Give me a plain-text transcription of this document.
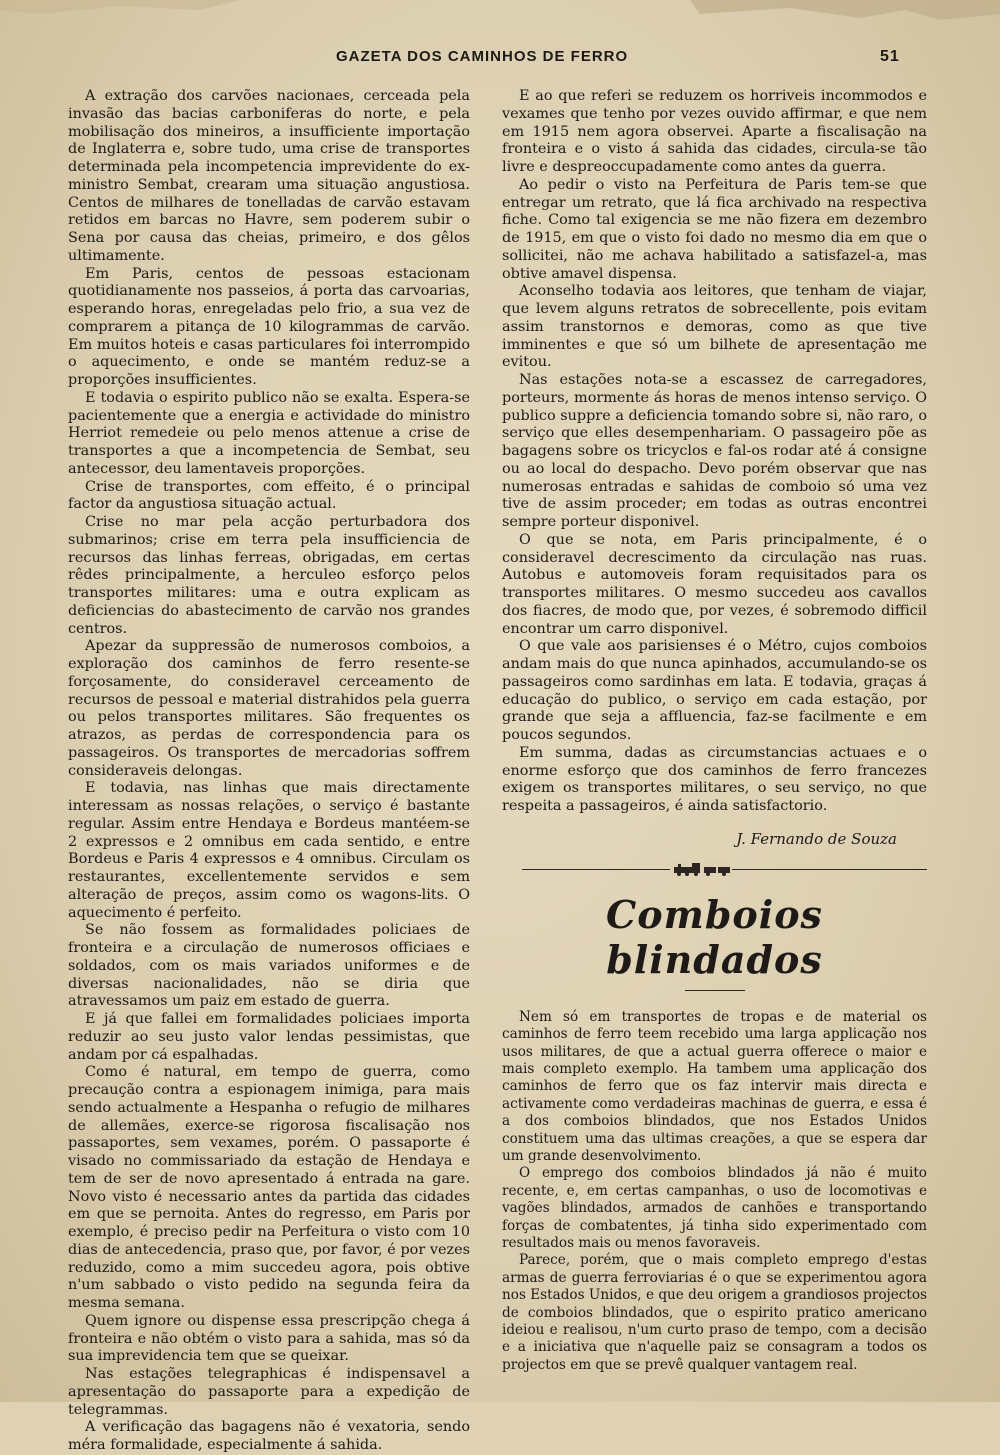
GAZETA DOS CAMINHOS DE FERRO	51

A extração dos carvões nacionaes, cerceada pela invasão das bacias carboniferas do norte, e pela mobilisação dos mineiros, a insufficiente importação de Inglaterra e, sobre tudo, uma crise de transportes determinada pela incompetencia imprevidente do ex-ministro Sembat, crearam uma situação angustiosa. Centos de milhares de tonelladas de carvão estavam retidos em barcas no Havre, sem poderem subir o Sena por causa das cheias, primeiro, e dos gêlos ultimamente.

Em Paris, centos de pessoas estacionam quotidianamente nos passeios, á porta das carvoarias, esperando horas, enregeladas pelo frio, a sua vez de comprarem a pitança de 10 kilogrammas de carvão. Em muitos hoteis e casas particulares foi interrompido o aquecimento, e onde se mantém reduz-se a proporções insufficientes.

E todavia o espirito publico não se exalta. Espera-se pacientemente que a energia e actividade do ministro Herriot remedeie ou pelo menos attenue a crise de transportes a que a incompetencia de Sembat, seu antecessor, deu lamentaveis proporções.

Crise de transportes, com effeito, é o principal factor da angustiosa situação actual.

Crise no mar pela acção perturbadora dos submarinos; crise em terra pela insufficiencia de recursos das linhas ferreas, obrigadas, em certas rêdes principalmente, a herculeo esforço pelos transportes militares: uma e outra explicam as deficiencias do abastecimento de carvão nos grandes centros.

Apezar da suppressão de numerosos comboios, a exploração dos caminhos de ferro resente-se forçosamente, do consideravel cerceamento de recursos de pessoal e material distrahidos pela guerra ou pelos transportes militares. São frequentes os atrazos, as perdas de correspondencia para os passageiros. Os transportes de mercadorias soffrem consideraveis delongas.

E todavia, nas linhas que mais directamente interessam as nossas relações, o serviço é bastante regular. Assim entre Hendaya e Bordeus mantéem-se 2 expressos e 2 omnibus em cada sentido, e entre Bordeus e Paris 4 expressos e 4 omnibus. Circulam os restaurantes, excellentemente servidos e sem alteração de preços, assim como os wagons-lits. O aquecimento é perfeito.

Se não fossem as formalidades policiaes de fronteira e a circulação de numerosos officiaes e soldados, com os mais variados uniformes e de diversas nacionalidades, não se diria que atravessamos um paiz em estado de guerra.

E já que fallei em formalidades policiaes importa reduzir ao seu justo valor lendas pessimistas, que andam por cá espalhadas.

Como é natural, em tempo de guerra, como precaução contra a espionagem inimiga, para mais sendo actualmente a Hespanha o refugio de milhares de allemães, exerce-se rigorosa fiscalisação nos passaportes, sem vexames, porém. O passaporte é visado no commissariado da estação de Hendaya e tem de ser de novo apresentado á entrada na gare. Novo visto é necessario antes da partida das cidades em que se pernoita. Antes do regresso, em Paris por exemplo, é preciso pedir na Perfeitura o visto com 10 dias de antecedencia, praso que, por favor, é por vezes reduzido, como a mim succedeu agora, pois obtive n'um sabbado o visto pedido na segunda feira da mesma semana.

Quem ignore ou dispense essa prescripção chega á fronteira e não obtém o visto para a sahida, mas só da sua imprevidencia tem que se queixar.

Nas estações telegraphicas é indispensavel a apresentação do passaporte para a expedição de telegrammas.

A verificação das bagagens não é vexatoria, sendo méra formalidade, especialmente á sahida.

E ao que referi se reduzem os horriveis incommodos e vexames que tenho por vezes ouvido affirmar, e que nem em 1915 nem agora observei. Aparte a fiscalisação na fronteira e o visto á sahida das cidades, circula-se tão livre e despreoccupadamente como antes da guerra.

Ao pedir o visto na Perfeitura de Paris tem-se que entregar um retrato, que lá fica archivado na respectiva fiche. Como tal exigencia se me não fizera em dezembro de 1915, em que o visto foi dado no mesmo dia em que o sollicitei, não me achava habilitado a satisfazel-a, mas obtive amavel dispensa.

Aconselho todavia aos leitores, que tenham de viajar, que levem alguns retratos de sobrecellente, pois evitam assim transtornos e demoras, como as que tive imminentes e que só um bilhete de apresentação me evitou.

Nas estações nota-se a escassez de carregadores, porteurs, mormente ás horas de menos intenso serviço. O publico suppre a deficiencia tomando sobre si, não raro, o serviço que elles desempenhariam. O passageiro põe as bagagens sobre os tricyclos e fal-os rodar até á consigne ou ao local do despacho. Devo porém observar que nas numerosas entradas e sahidas de comboio só uma vez tive de assim proceder; em todas as outras encontrei sempre porteur disponivel.

O que se nota, em Paris principalmente, é o consideravel decrescimento da circulação nas ruas. Autobus e automoveis foram requisitados para os transportes militares. O mesmo succedeu aos cavallos dos fiacres, de modo que, por vezes, é sobremodo difficil encontrar um carro disponivel.

O que vale aos parisienses é o Métro, cujos comboios andam mais do que nunca apinhados, accumulando-se os passageiros como sardinhas em lata. E todavia, graças á educação do publico, o serviço em cada estação, por grande que seja a affluencia, faz-se facilmente e em poucos segundos.

Em summa, dadas as circumstancias actuaes e o enorme esforço que dos caminhos de ferro francezes exigem os transportes militares, o seu serviço, no que respeita a passageiros, é ainda satisfactorio.

J. Fernando de Souza
Comboios blindados

Nem só em transportes de tropas e de material os caminhos de ferro teem recebido uma larga applicação nos usos militares, de que a actual guerra offerece o maior e mais completo exemplo. Ha tambem uma applicação dos caminhos de ferro que os faz intervir mais directa e activamente como verdadeiras machinas de guerra, e essa é a dos comboios blindados, que nos Estados Unidos constituem uma das ultimas creações, a que se espera dar um grande desenvolvimento.

O emprego dos comboios blindados já não é muito recente, e, em certas campanhas, o uso de locomotivas e vagões blindados, armados de canhões e transportando forças de combatentes, já tinha sido experimentado com resultados mais ou menos favoraveis.

Parece, porém, que o mais completo emprego d'estas armas de guerra ferroviarias é o que se experimentou agora nos Estados Unidos, e que deu origem a grandiosos projectos de comboios blindados, que o espirito pratico americano ideiou e realisou, n'um curto praso de tempo, com a decisão e a iniciativa que n'aquelle paiz se consagram a todos os projectos em que se prevê qualquer vantagem real.
